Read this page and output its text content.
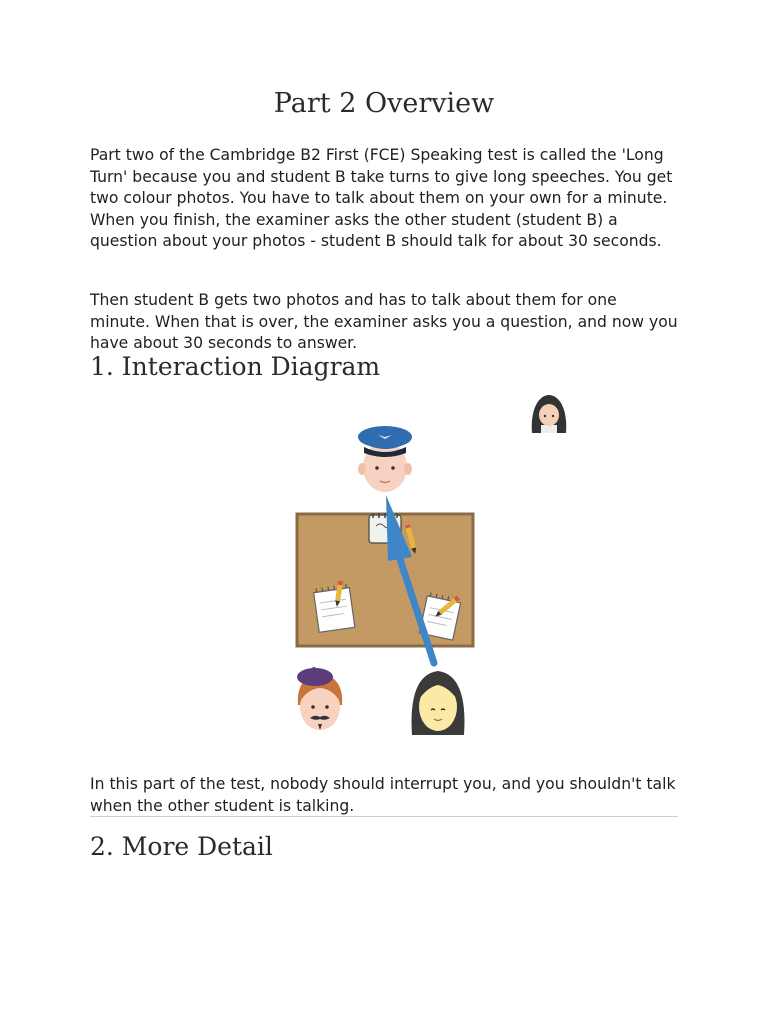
Part 2 Overview

Part two of the Cambridge B2 First (FCE) Speaking test is called the 'Long Turn' because you and student B take turns to give long speeches. You get two colour photos. You have to talk about them on your own for a minute. When you finish, the examiner asks the other student (student B) a question about your photos - student B should talk for about 30 seconds.

Then student B gets two photos and has to talk about them for one minute. When that is over, the examiner asks you a question, and now you have about 30 seconds to answer.

1. Interaction Diagram

In this part of the test, nobody should interrupt you, and you shouldn't talk when the other student is talking.

2. More Detail
